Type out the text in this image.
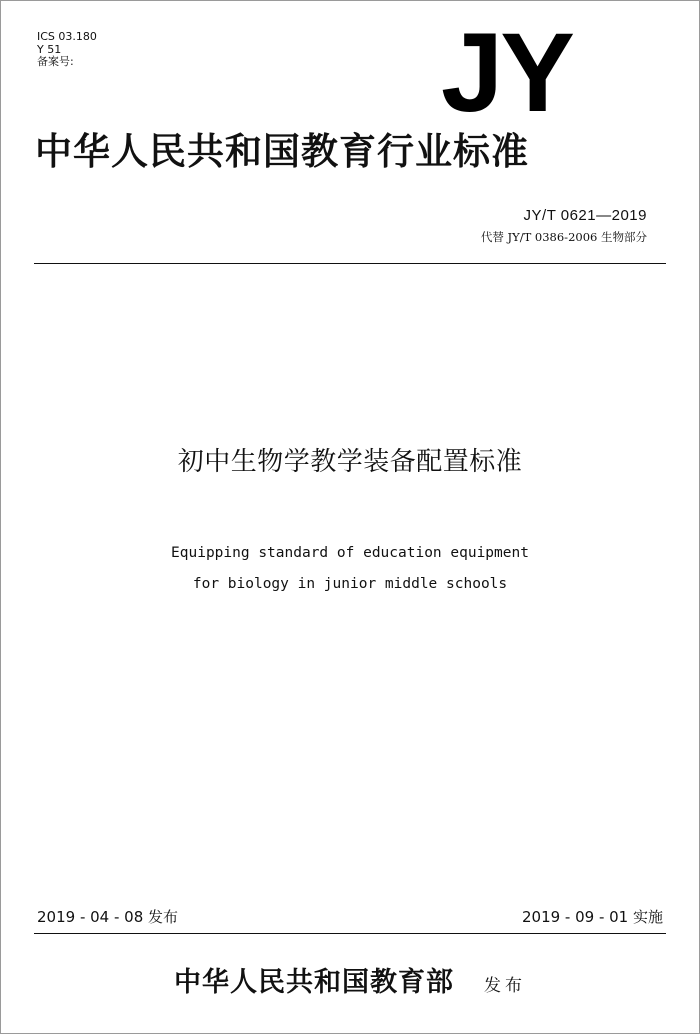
ICS 03.180
Y 51
备案号:	JY
中华人民共和国教育行业标准
JY/T 0621—2019
代替 JY/T 0386-2006 生物部分
初中生物学教学装备配置标准
Equipping standard of education equipment
for biology in junior middle schools
2019 - 04 - 08 发布	2019 - 09 - 01 实施
中华人民共和国教育部 发布
